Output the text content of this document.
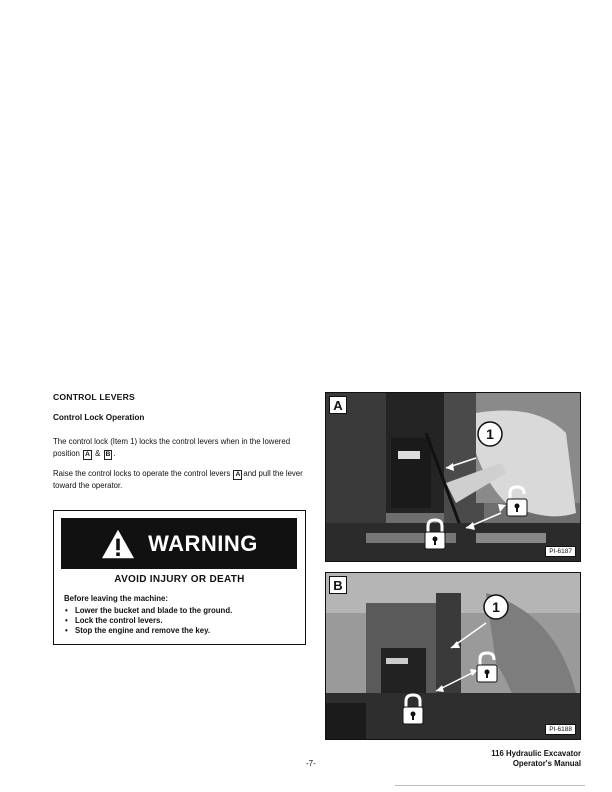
CONTROL LEVERS
Control Lock Operation
The control lock (Item 1) locks the control levers when in the lowered position A & B .
Raise the control locks to operate the control levers A and pull the lever toward the operator.
WARNING
AVOID INJURY OR DEATH
Before leaving the machine:
• Lower the bucket and blade to the ground.
• Lock the control levers.
• Stop the engine and remove the key.
A
1
PI-6187
B
1
PI-6188
-7-
116 Hydraulic Excavator
Operator's Manual
